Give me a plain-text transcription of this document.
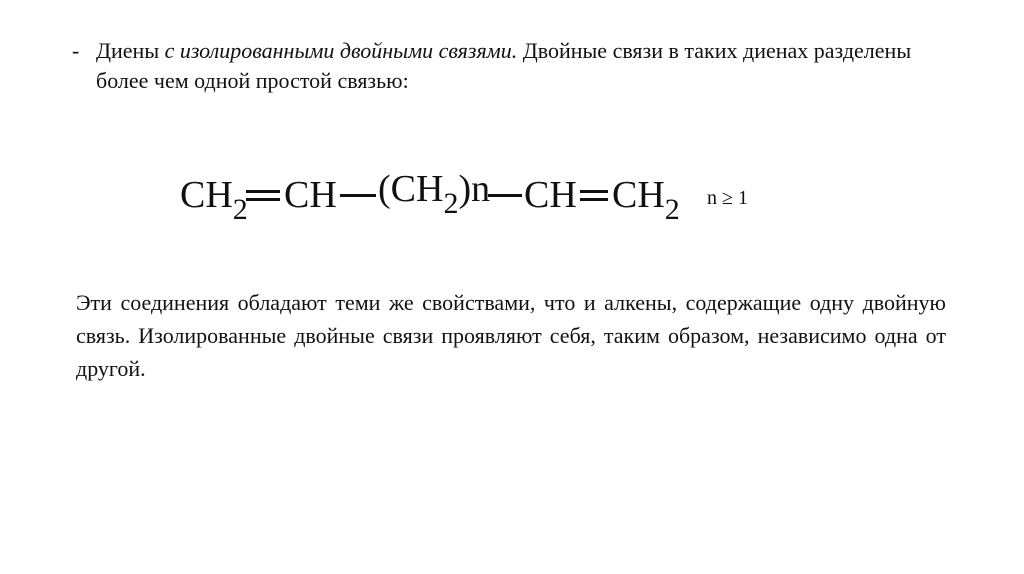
- Диены с изолированными двойными связями. Двойные связи в таких диенах разделены более чем одной простой связью:
$CH_2$ CH $(CH_2)n$ CH $CH_2$ n ≥ 1
Эти соединения обладают теми же свойствами, что и алкены, содержащие одну двойную связь. Изолированные двойные связи проявляют себя, таким образом, независимо одна от другой.
